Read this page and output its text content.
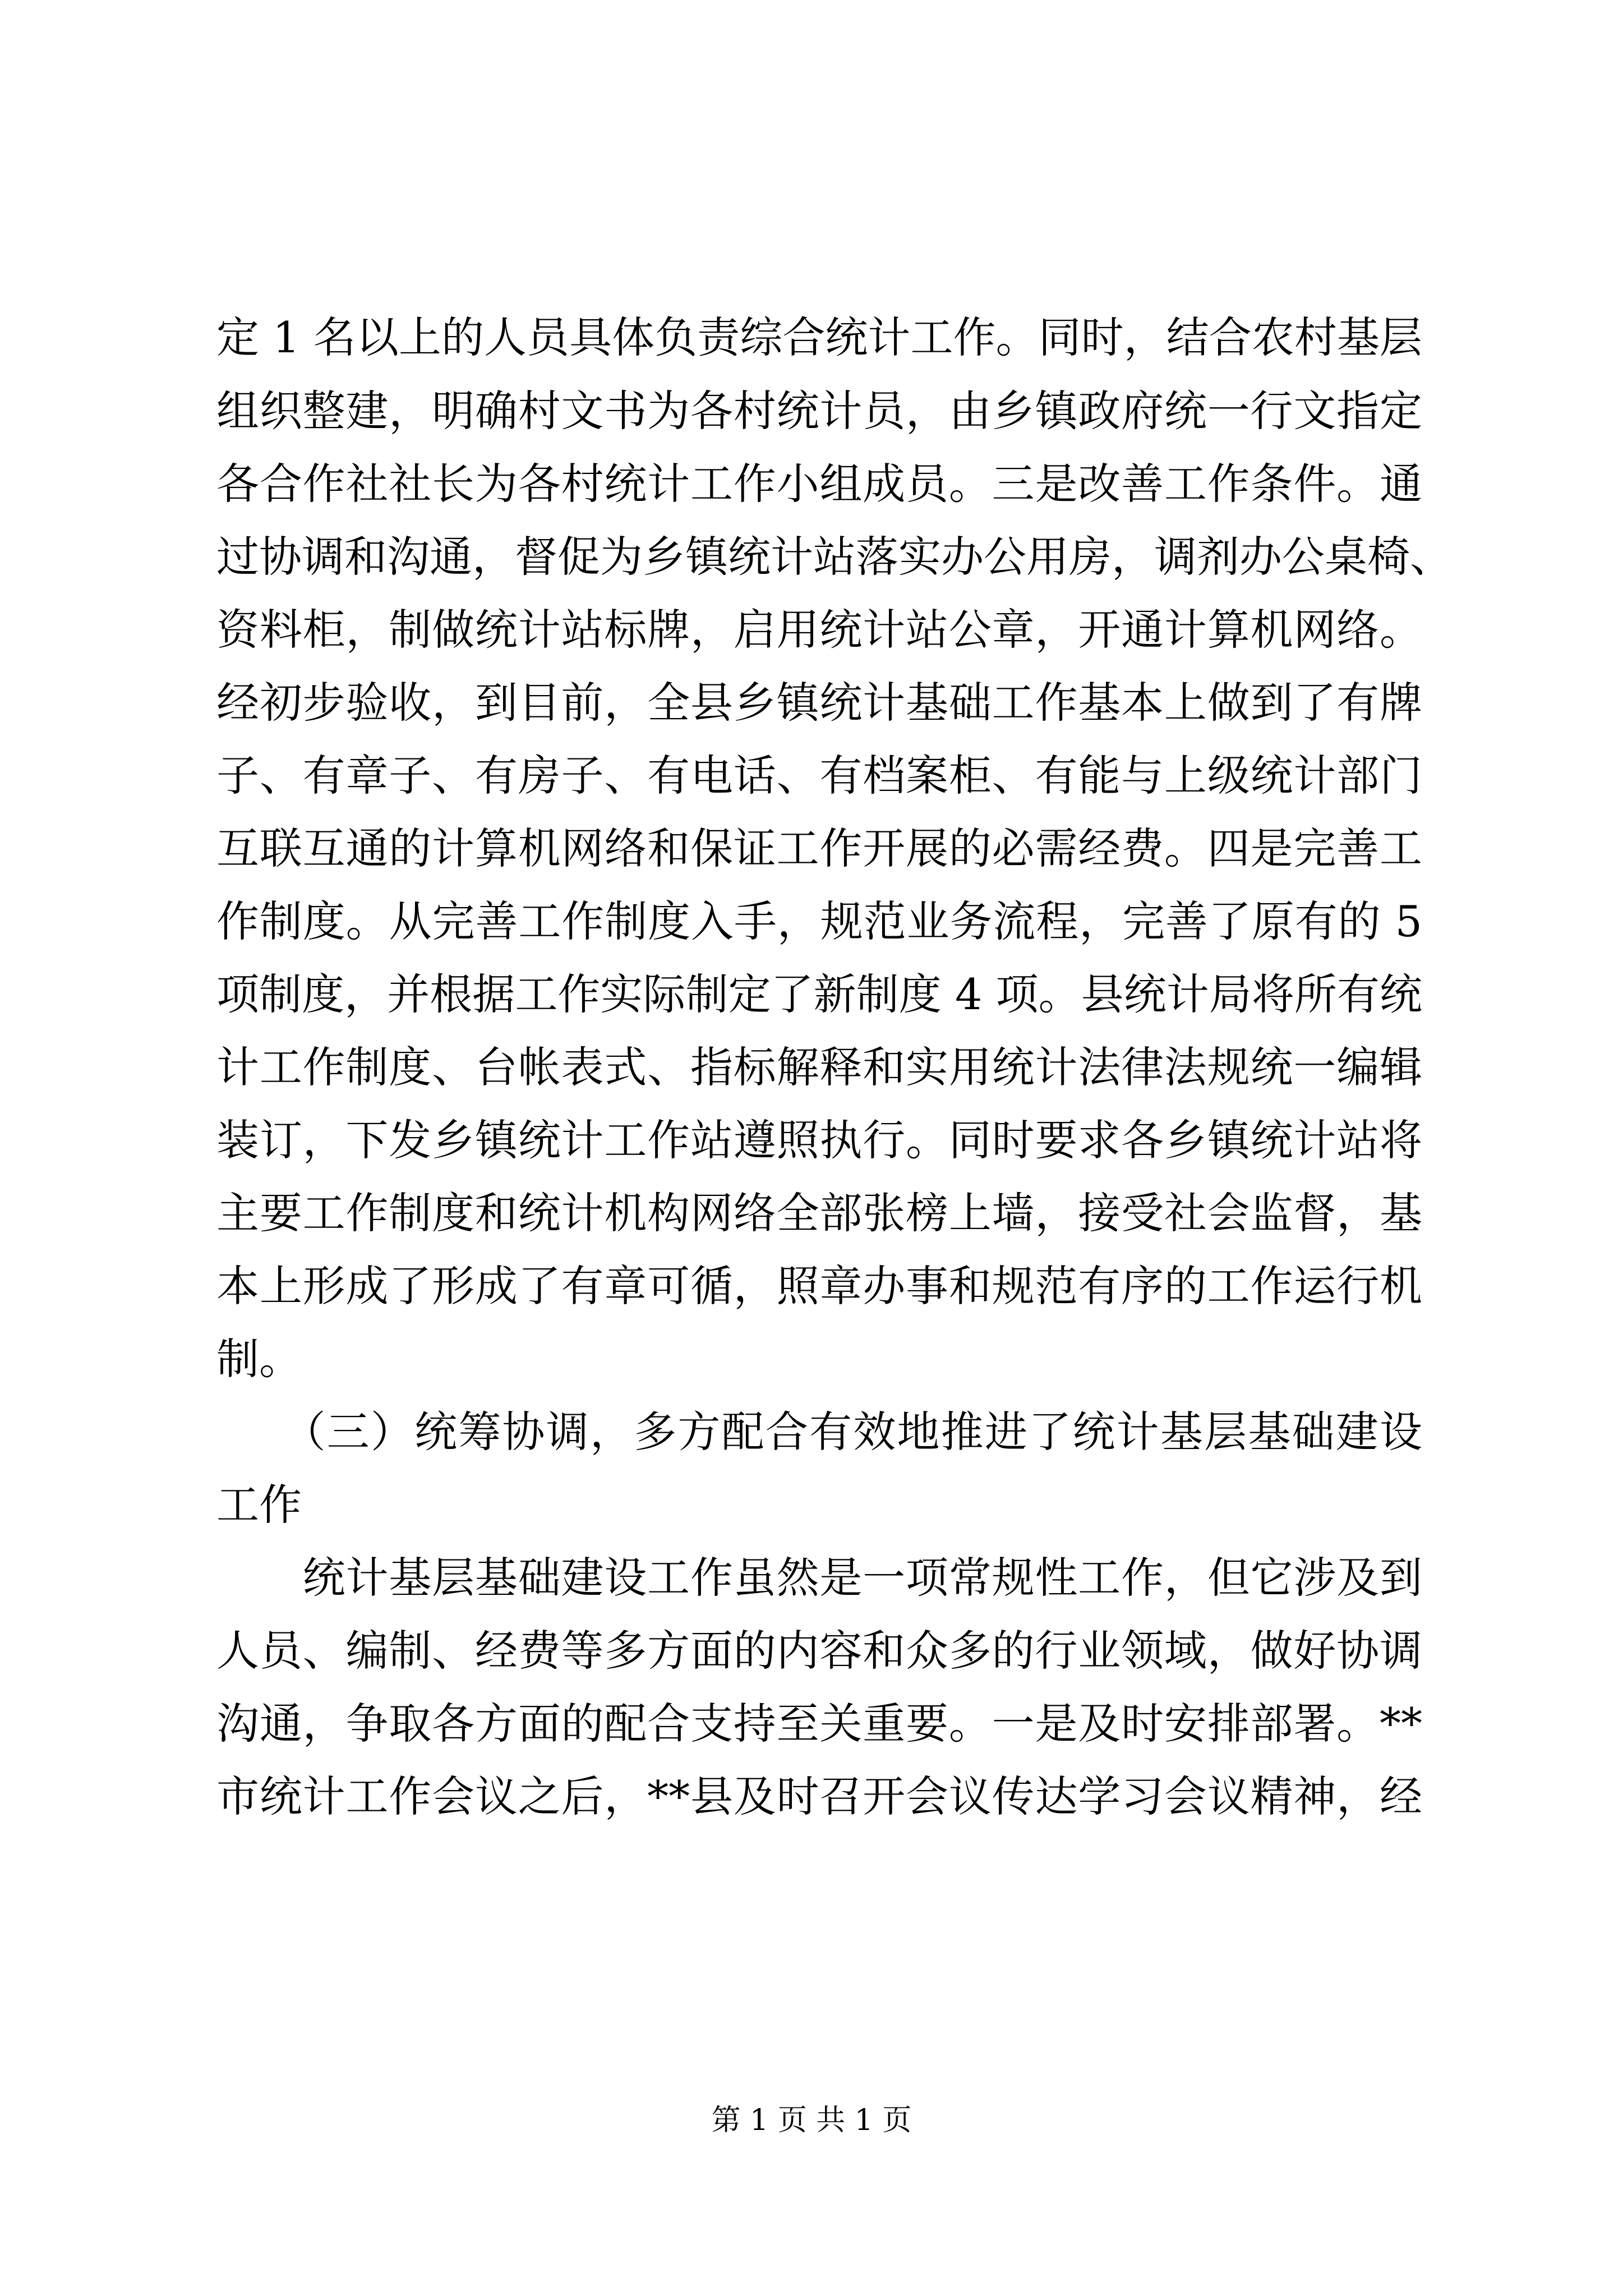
定 1 名以上的人员具体负责综合统计工作。同时，结合农村基层
组织整建，明确村文书为各村统计员，由乡镇政府统一行文指定
各合作社社长为各村统计工作小组成员。三是改善工作条件。通
过协调和沟通，督促为乡镇统计站落实办公用房，调剂办公桌椅、
资料柜，制做统计站标牌，启用统计站公章，开通计算机网络。
经初步验收，到目前，全县乡镇统计基础工作基本上做到了有牌
子、有章子、有房子、有电话、有档案柜、有能与上级统计部门
互联互通的计算机网络和保证工作开展的必需经费。四是完善工
作制度。从完善工作制度入手，规范业务流程，完善了原有的 5
项制度，并根据工作实际制定了新制度 4 项。县统计局将所有统
计工作制度、台帐表式、指标解释和实用统计法律法规统一编辑
装订，下发乡镇统计工作站遵照执行。同时要求各乡镇统计站将
主要工作制度和统计机构网络全部张榜上墙，接受社会监督，基
本上形成了形成了有章可循，照章办事和规范有序的工作运行机
制。
　　（三）统筹协调，多方配合有效地推进了统计基层基础建设
工作
　　统计基层基础建设工作虽然是一项常规性工作，但它涉及到
人员、编制、经费等多方面的内容和众多的行业领域，做好协调
沟通，争取各方面的配合支持至关重要。一是及时安排部署。**
市统计工作会议之后，**县及时召开会议传达学习会议精神，经
第 1 页 共 1 页
